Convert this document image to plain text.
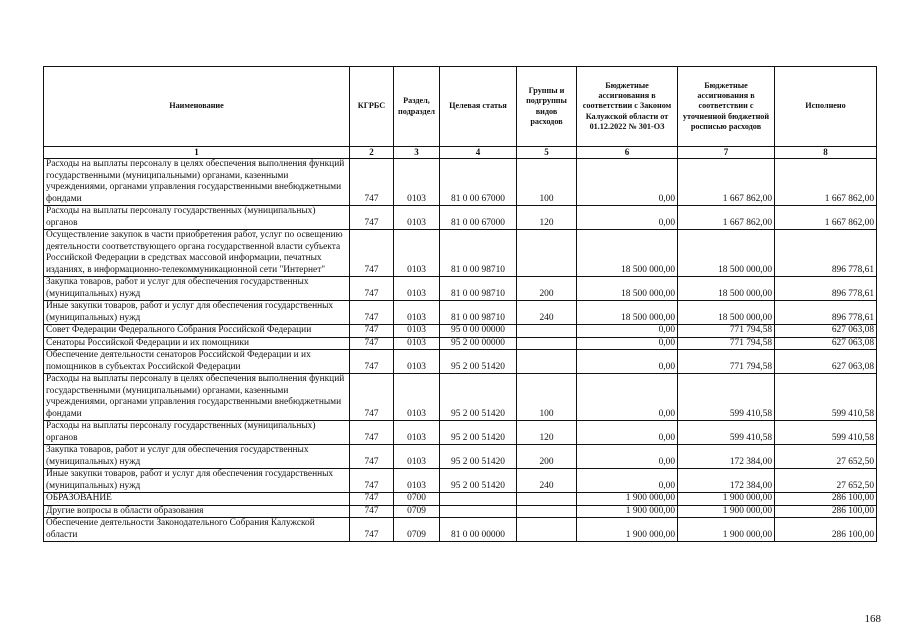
Наименование	КГРБС	Раздел, подраздел	Целевая статья	Группы и подгруппы видов расходов	Бюджетные ассигнования в соответствии с Законом Калужской области от 01.12.2022 № 301-ОЗ	Бюджетные ассигнования в соответствии с уточненной бюджетной росписью расходов	Исполнено
1	2	3	4	5	6	7	8
Расходы на выплаты персоналу в целях обеспечения выполнения функций государственными (муниципальными) органами, казенными учреждениями, органами управления государственными внебюджетными фондами	747	0103	81 0 00 67000	100	0,00	1 667 862,00	1 667 862,00
Расходы на выплаты персоналу государственных (муниципальных) органов	747	0103	81 0 00 67000	120	0,00	1 667 862,00	1 667 862,00
Осуществление закупок в части приобретения работ, услуг по освещению деятельности соответствующего органа государственной власти субъекта Российской Федерации в средствах массовой информации, печатных изданиях, в информационно-телекоммуникационной сети "Интернет"	747	0103	81 0 00 98710		18 500 000,00	18 500 000,00	896 778,61
Закупка товаров, работ и услуг для обеспечения государственных (муниципальных) нужд	747	0103	81 0 00 98710	200	18 500 000,00	18 500 000,00	896 778,61
Иные закупки товаров, работ и услуг для обеспечения государственных (муниципальных) нужд	747	0103	81 0 00 98710	240	18 500 000,00	18 500 000,00	896 778,61
Совет Федерации Федерального Собрания Российской Федерации	747	0103	95 0 00 00000		0,00	771 794,58	627 063,08
Сенаторы Российской Федерации и их помощники	747	0103	95 2 00 00000		0,00	771 794,58	627 063,08
Обеспечение деятельности сенаторов Российской Федерации и их помощников в субъектах Российской Федерации	747	0103	95 2 00 51420		0,00	771 794,58	627 063,08
Расходы на выплаты персоналу в целях обеспечения выполнения функций государственными (муниципальными) органами, казенными учреждениями, органами управления государственными внебюджетными фондами	747	0103	95 2 00 51420	100	0,00	599 410,58	599 410,58
Расходы на выплаты персоналу государственных (муниципальных) органов	747	0103	95 2 00 51420	120	0,00	599 410,58	599 410,58
Закупка товаров, работ и услуг для обеспечения государственных (муниципальных) нужд	747	0103	95 2 00 51420	200	0,00	172 384,00	27 652,50
Иные закупки товаров, работ и услуг для обеспечения государственных (муниципальных) нужд	747	0103	95 2 00 51420	240	0,00	172 384,00	27 652,50
ОБРАЗОВАНИЕ	747	0700			1 900 000,00	1 900 000,00	286 100,00
Другие вопросы в области образования	747	0709			1 900 000,00	1 900 000,00	286 100,00
Обеспечение деятельности Законодательного Собрания Калужской области	747	0709	81 0 00 00000		1 900 000,00	1 900 000,00	286 100,00
168
